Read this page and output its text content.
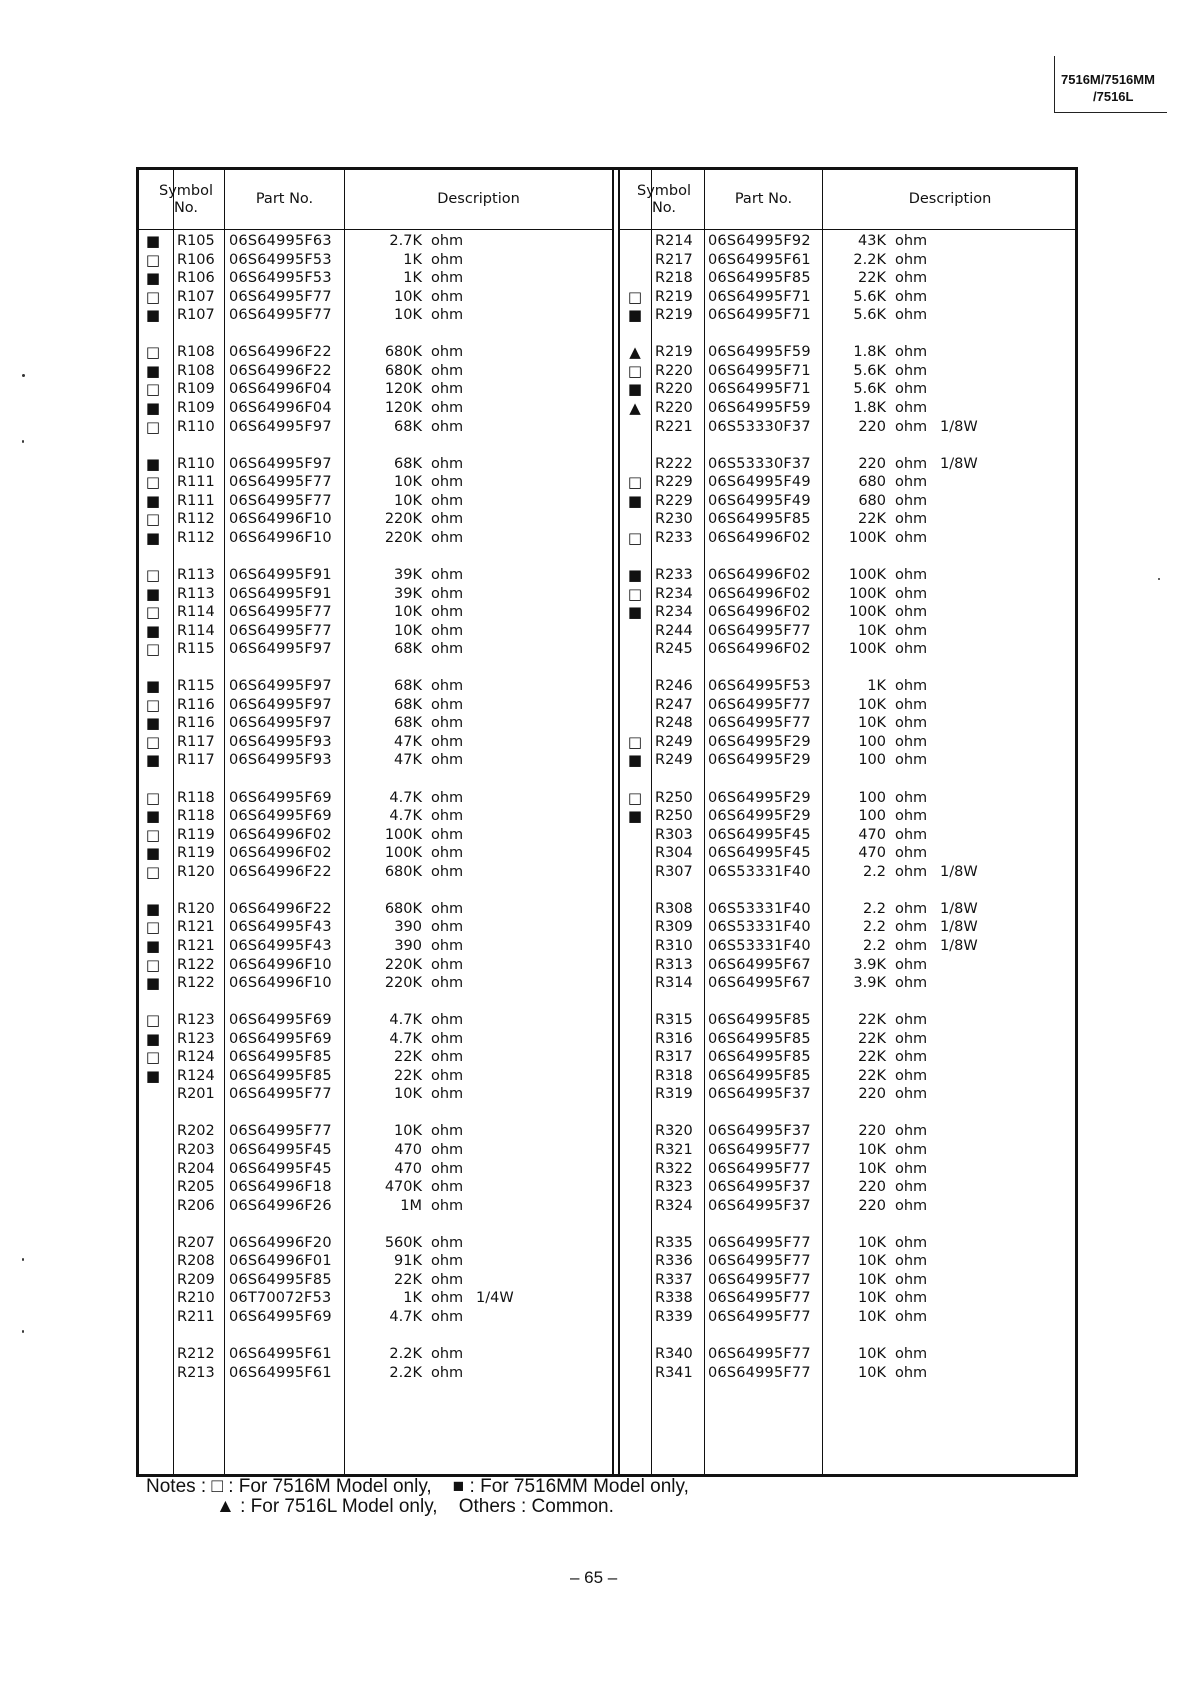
7516M/7516MM
/7516L
Symbol No.
Part No.	Description
■ R105 06S64995F63	2.7K ohm
□ R106 06S64995F53	1K ohm
■ R106 06S64995F53	1K ohm
□ R107 06S64995F77	10K ohm
■ R107 06S64995F77	10K ohm
□ R108 06S64996F22	680K ohm
■ R108 06S64996F22	680K ohm
□ R109 06S64996F04	120K ohm
■ R109 06S64996F04	120K ohm
□ R110 06S64995F97	68K ohm
■ R110 06S64995F97	68K ohm
□ R111 06S64995F77	10K ohm
■ R111 06S64995F77	10K ohm
□ R112 06S64996F10	220K ohm
■ R112 06S64996F10	220K ohm
□ R113 06S64995F91	39K ohm
■ R113 06S64995F91	39K ohm
□ R114 06S64995F77	10K ohm
■ R114 06S64995F77	10K ohm
□ R115 06S64995F97	68K ohm
■ R115 06S64995F97	68K ohm
□ R116 06S64995F97	68K ohm
■ R116 06S64995F97	68K ohm
□ R117 06S64995F93	47K ohm
■ R117 06S64995F93	47K ohm
□ R118 06S64995F69	4.7K ohm
■ R118 06S64995F69	4.7K ohm
□ R119 06S64996F02	100K ohm
■ R119 06S64996F02	100K ohm
□ R120 06S64996F22	680K ohm
■ R120 06S64996F22	680K ohm
□ R121 06S64995F43	390 ohm
■ R121 06S64995F43	390 ohm
□ R122 06S64996F10	220K ohm
■ R122 06S64996F10	220K ohm
□ R123 06S64995F69	4.7K ohm
■ R123 06S64995F69	4.7K ohm
□ R124 06S64995F85	22K ohm
■ R124 06S64995F85	22K ohm
R201 06S64995F77	10K ohm
R202 06S64995F77	10K ohm
R203 06S64995F45	470 ohm
R204 06S64995F45	470 ohm
R205 06S64996F18	470K ohm
R206 06S64996F26	1M ohm
R207 06S64996F20	560K ohm
R208 06S64996F01	91K ohm
R209 06S64995F85	22K ohm
R210 06T70072F53	1K ohm 1/4W
R211 06S64995F69	4.7K ohm
R212 06S64995F61	2.2K ohm
R213 06S64995F61	2.2K ohm
Symbol No.
Part No.	Description
R214 06S64995F92	43K ohm
R217 06S64995F61	2.2K ohm
R218 06S64995F85	22K ohm
□ R219 06S64995F71	5.6K ohm
■ R219 06S64995F71	5.6K ohm
▲ R219 06S64995F59	1.8K ohm
□ R220 06S64995F71	5.6K ohm
■ R220 06S64995F71	5.6K ohm
▲ R220 06S64995F59	1.8K ohm
R221 06S53330F37	220 ohm 1/8W
R222 06S53330F37	220 ohm 1/8W
□ R229 06S64995F49	680 ohm
■ R229 06S64995F49	680 ohm
R230 06S64995F85	22K ohm
□ R233 06S64996F02	100K ohm
■ R233 06S64996F02	100K ohm
□ R234 06S64996F02	100K ohm
■ R234 06S64996F02	100K ohm
R244 06S64995F77	10K ohm
R245 06S64996F02	100K ohm
R246 06S64995F53	1K ohm
R247 06S64995F77	10K ohm
R248 06S64995F77	10K ohm
□ R249 06S64995F29	100 ohm
■ R249 06S64995F29	100 ohm
□ R250 06S64995F29	100 ohm
■ R250 06S64995F29	100 ohm
R303 06S64995F45	470 ohm
R304 06S64995F45	470 ohm
R307 06S53331F40	2.2 ohm 1/8W
R308 06S53331F40	2.2 ohm 1/8W
R309 06S53331F40	2.2 ohm 1/8W
R310 06S53331F40	2.2 ohm 1/8W
R313 06S64995F67	3.9K ohm
R314 06S64995F67	3.9K ohm
R315 06S64995F85	22K ohm
R316 06S64995F85	22K ohm
R317 06S64995F85	22K ohm
R318 06S64995F85	22K ohm
R319 06S64995F37	220 ohm
R320 06S64995F37	220 ohm
R321 06S64995F77	10K ohm
R322 06S64995F77	10K ohm
R323 06S64995F37	220 ohm
R324 06S64995F37	220 ohm
R335 06S64995F77	10K ohm
R336 06S64995F77	10K ohm
R337 06S64995F77	10K ohm
R338 06S64995F77	10K ohm
R339 06S64995F77	10K ohm
R340 06S64995F77	10K ohm
R341 06S64995F77	10K ohm
Notes : □ : For 7516M Model only,    ■ : For 7516MM Model only,
▲ : For 7516L Model only,    Others : Common.
– 65 –
